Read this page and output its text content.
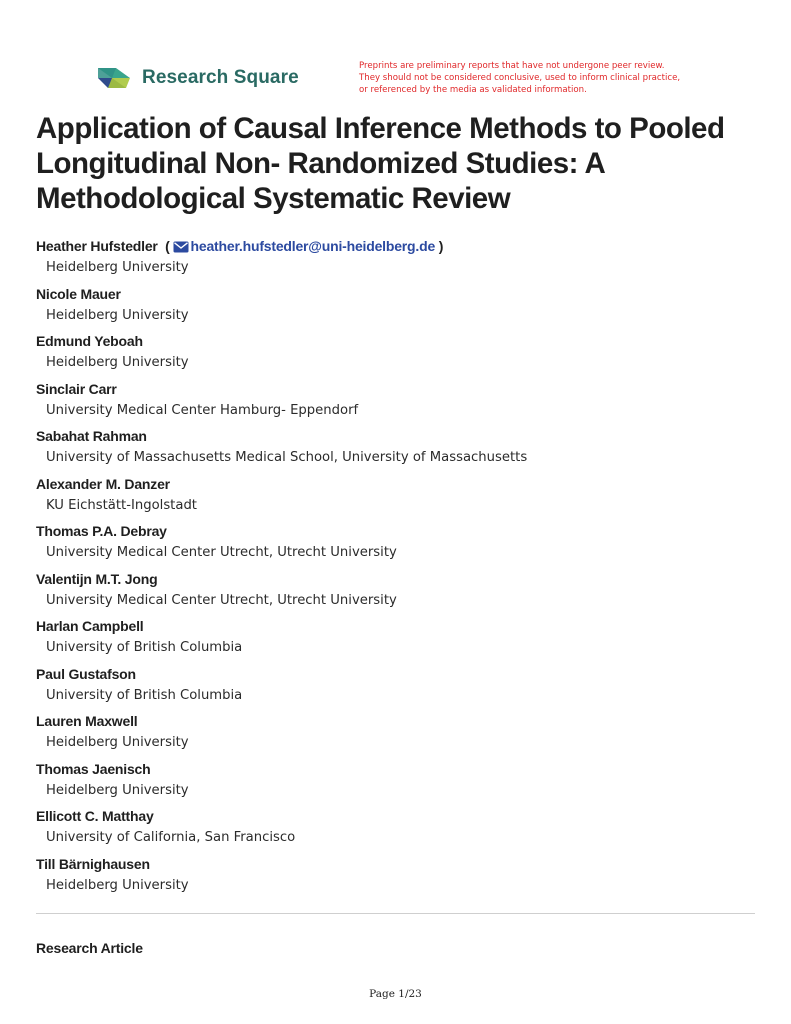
Research Square
Preprints are preliminary reports that have not undergone peer review.
They should not be considered conclusive, used to inform clinical practice,
or referenced by the media as validated information.
Application of Causal Inference Methods to Pooled
Longitudinal Non- Randomized Studies: A
Methodological Systematic Review
Heather Hufstedler ( heather.hufstedler@uni-heidelberg.de )
Heidelberg University
Nicole Mauer
Heidelberg University
Edmund Yeboah
Heidelberg University
Sinclair Carr
University Medical Center Hamburg- Eppendorf
Sabahat Rahman
University of Massachusetts Medical School, University of Massachusetts
Alexander M. Danzer
KU Eichstätt-Ingolstadt
Thomas P.A. Debray
University Medical Center Utrecht, Utrecht University
Valentijn M.T. Jong
University Medical Center Utrecht, Utrecht University
Harlan Campbell
University of British Columbia
Paul Gustafson
University of British Columbia
Lauren Maxwell
Heidelberg University
Thomas Jaenisch
Heidelberg University
Ellicott C. Matthay
University of California, San Francisco
Till Bärnighausen
Heidelberg University
Research Article
Page 1/23
